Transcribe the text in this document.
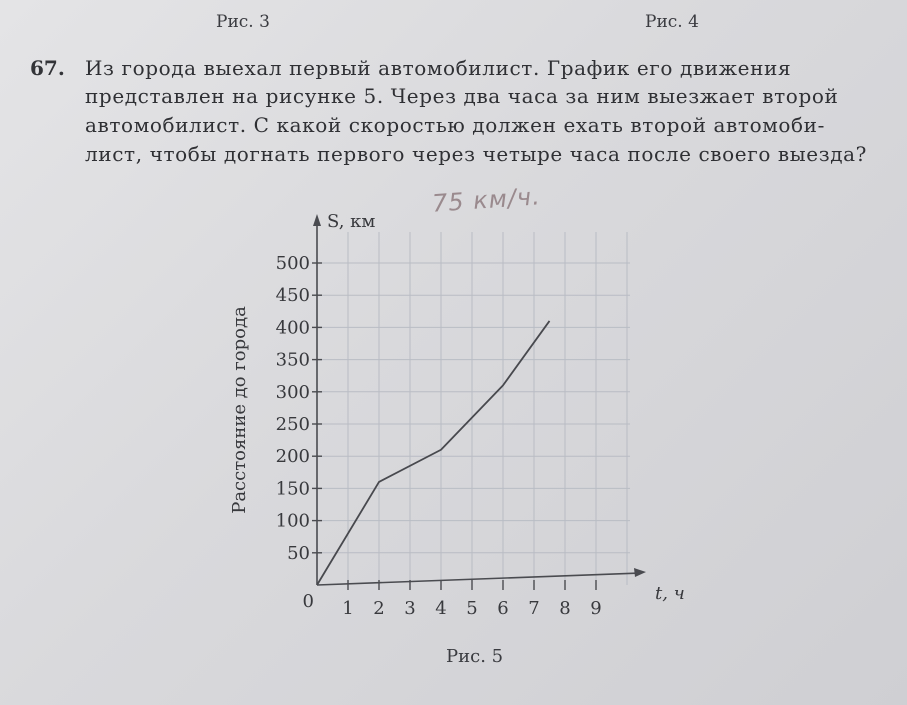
Рис. 3	Рис. 4
67. Из города выехал первый автомобилист. График его движения
представлен на рисунке 5. Через два часа за ним выезжает второй
автомобилист. С какой скоростью должен ехать второй автомоби-
лист, чтобы догнать первого через четыре часа после своего выезда?
75 км/ч.
1 2 3 4 5 6 7 8 9
50
100
150
200
250
300
350
400
450
500
S, км
t, ч
0
Расстояние до города
Рис. 5
